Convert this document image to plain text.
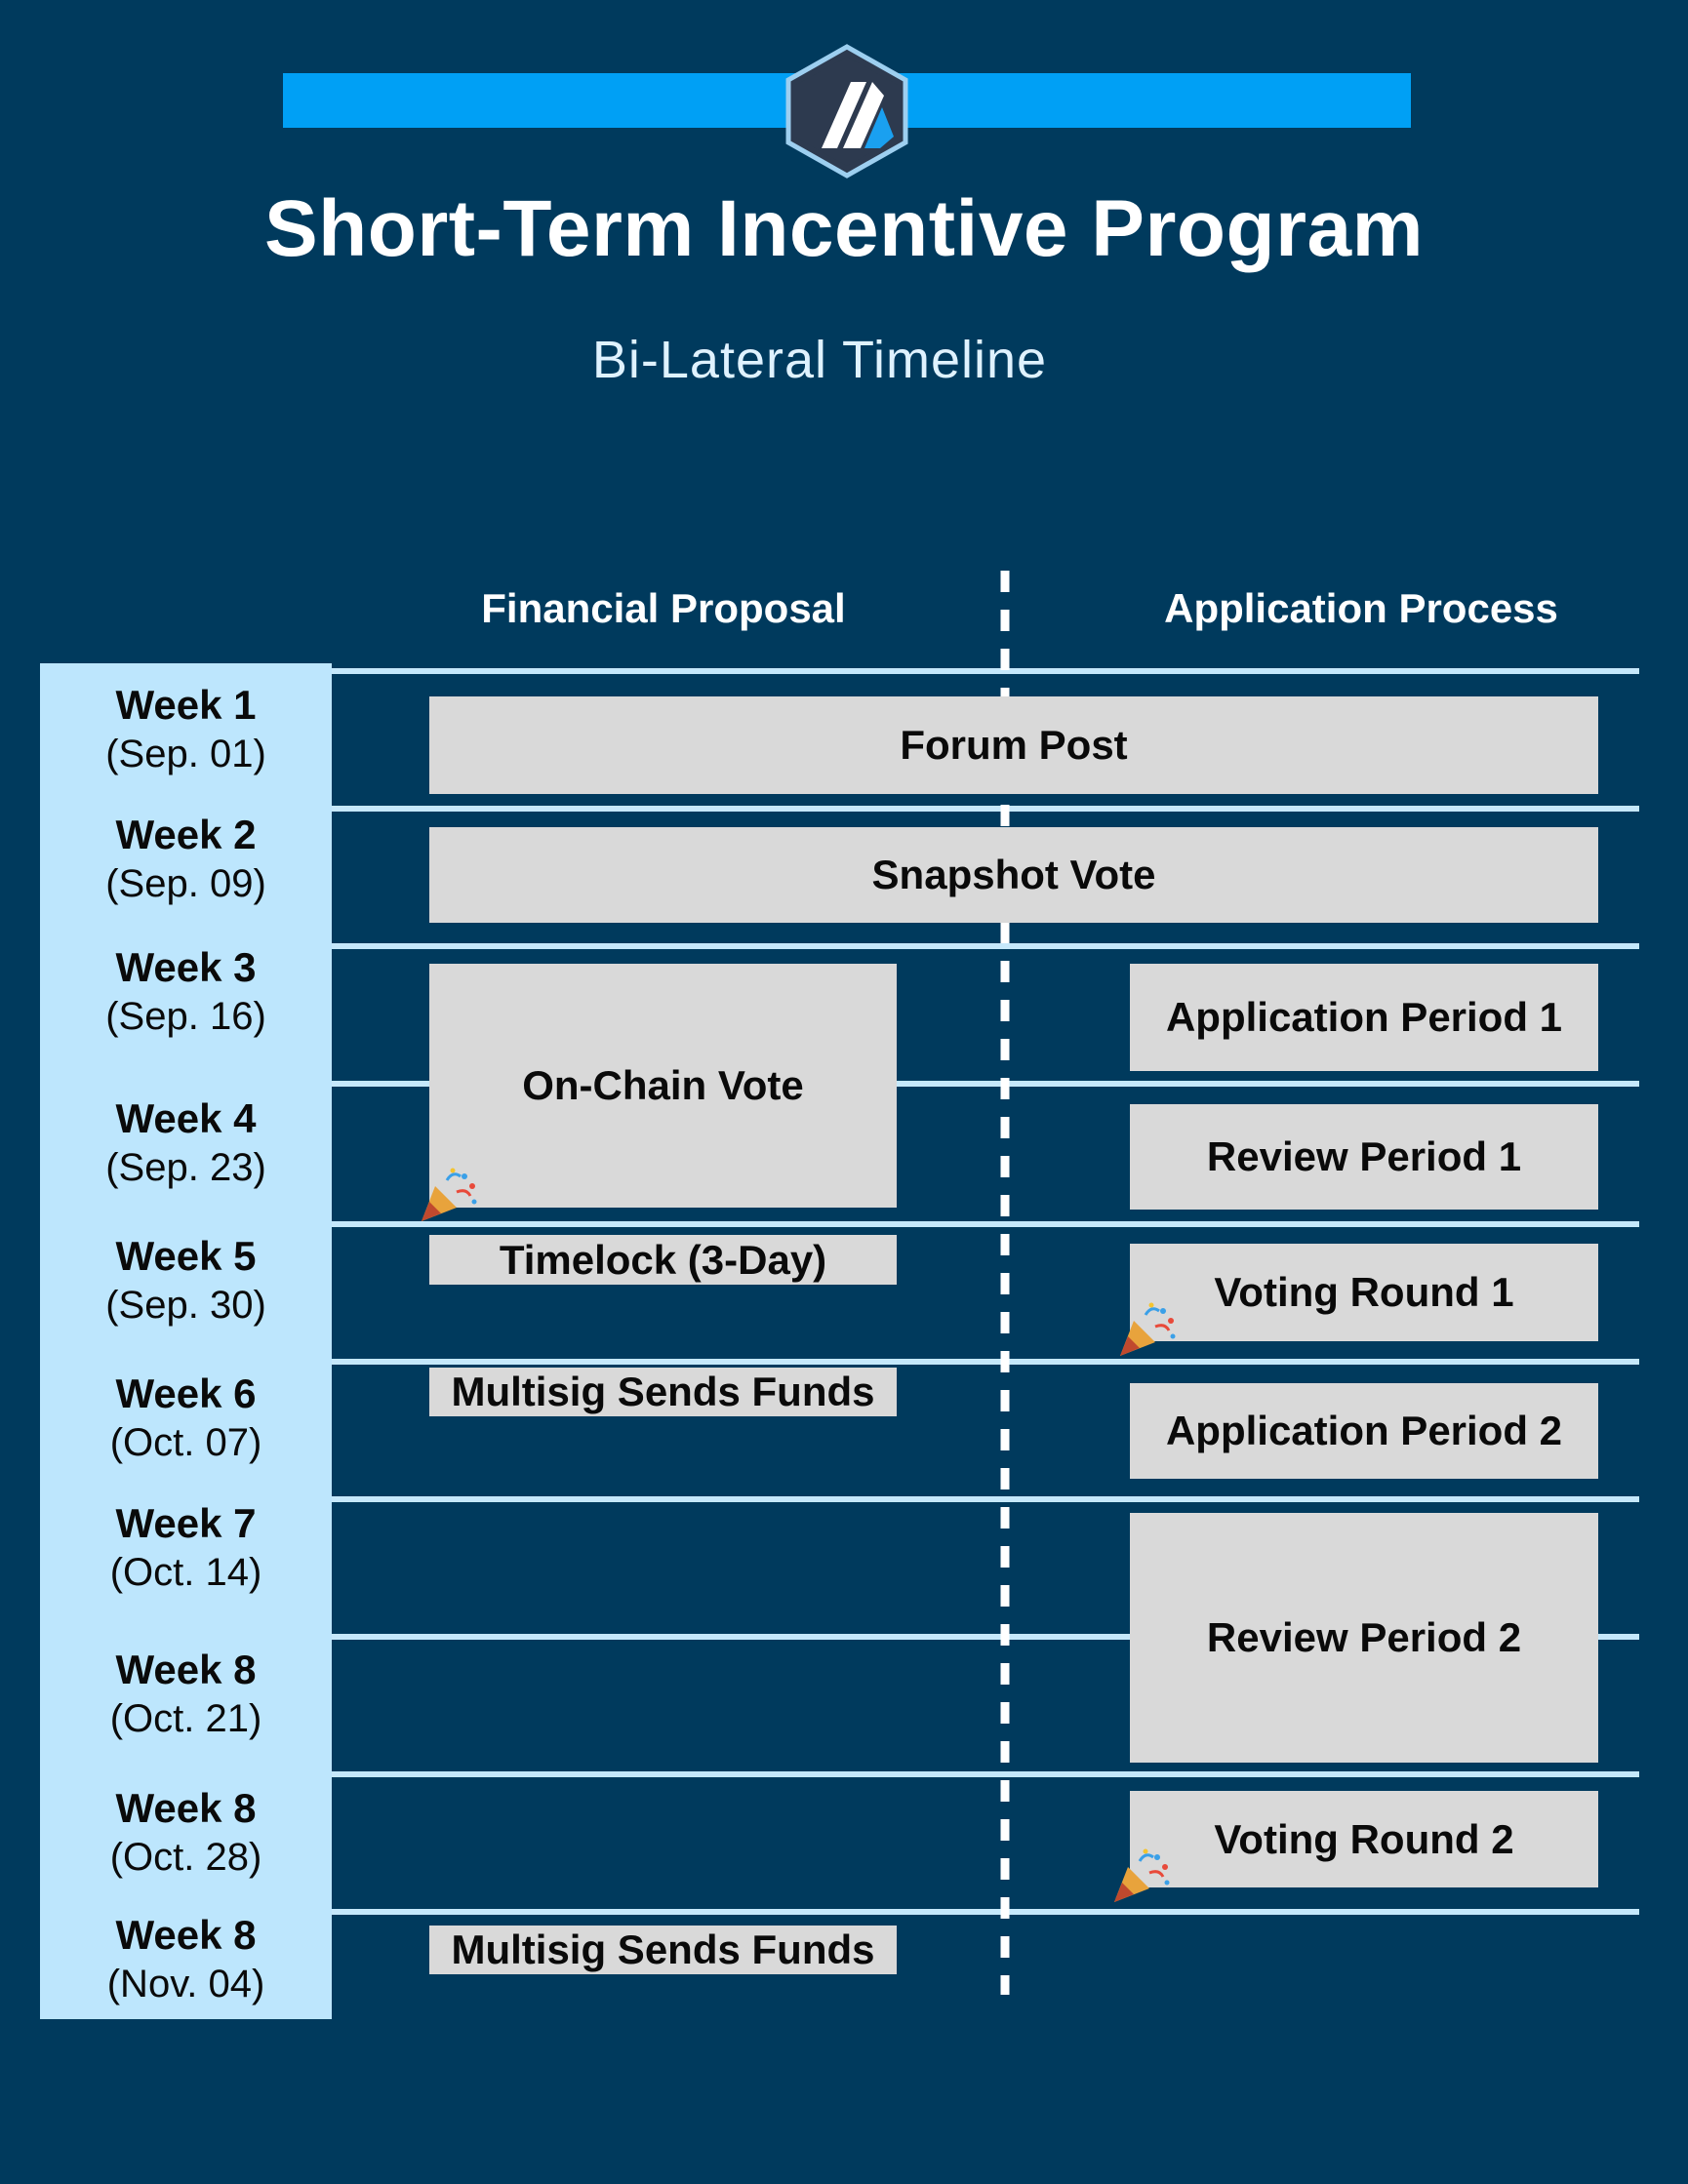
Short-Term Incentive Program
Bi-Lateral Timeline
Financial Proposal	Application Process
Week 1
(Sep. 01)
Week 2
(Sep. 09)
Week 3
(Sep. 16)
Week 4
(Sep. 23)
Week 5
(Sep. 30)
Week 6
(Oct. 07)
Week 7
(Oct. 14)
Week 8
(Oct. 21)
Week 8
(Oct. 28)
Week 8
(Nov. 04)
Forum Post
Snapshot Vote
On-Chain Vote
Timelock (3-Day)
Multisig Sends Funds
Multisig Sends Funds
Application Period 1
Review Period 1
Voting Round 1
Application Period 2
Review Period 2
Voting Round 2
